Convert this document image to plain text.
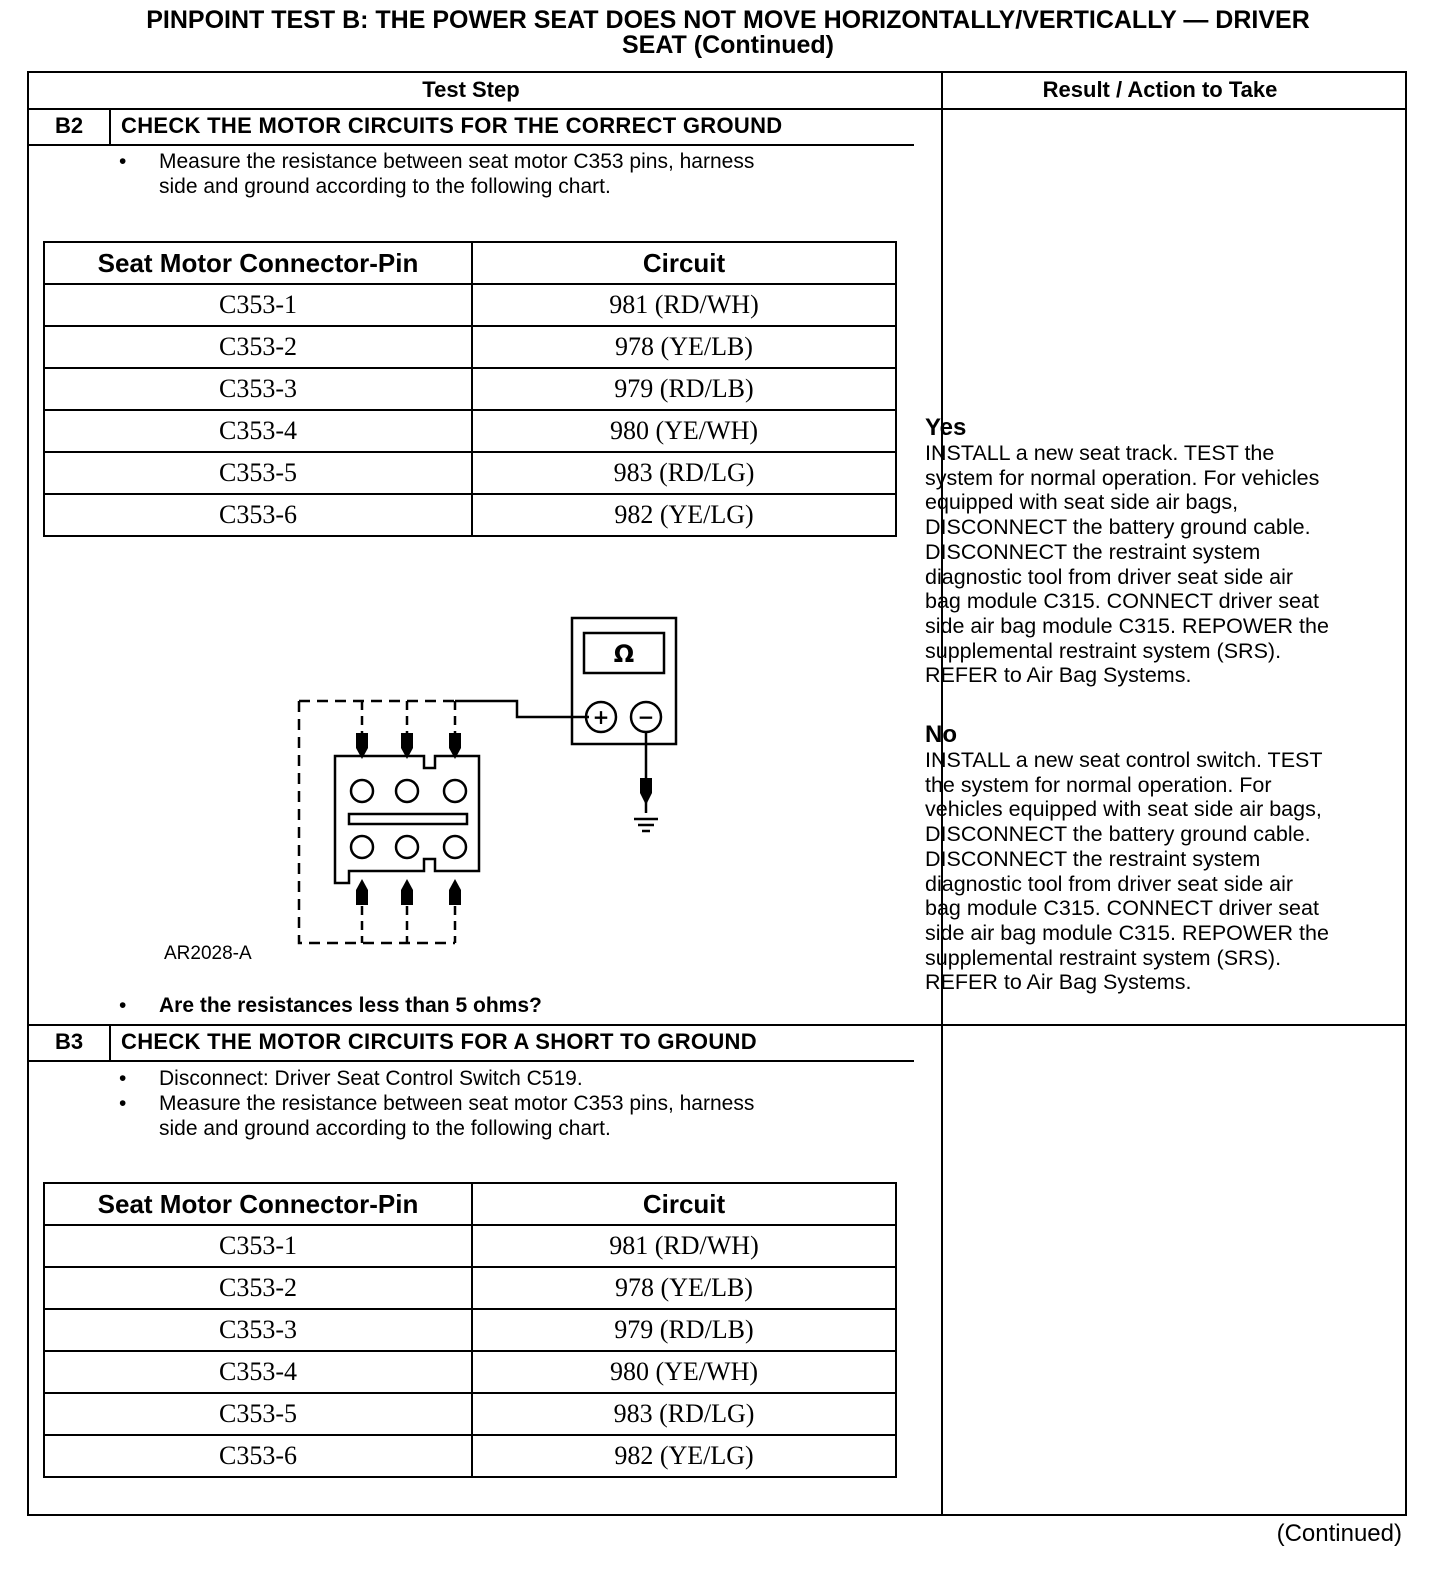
PINPOINT TEST B: THE POWER SEAT DOES NOT MOVE HORIZONTALLY/VERTICALLY — DRIVER
SEAT (Continued)
Test Step	Result / Action to Take
B2	CHECK THE MOTOR CIRCUITS FOR THE CORRECT GROUND
• Measure the resistance between seat motor C353 pins, harness
side and ground according to the following chart.
Seat Motor Connector-Pin	Circuit
C353-1	981 (RD/WH)
C353-2	978 (YE/LB)
C353-3	979 (RD/LB)
C353-4	980 (YE/WH)
C353-5	983 (RD/LG)
C353-6	982 (YE/LG)
Ω
+ −
AR2028-A
• Are the resistances less than 5 ohms?
Yes
INSTALL a new seat track. TEST the
system for normal operation. For vehicles
equipped with seat side air bags,
DISCONNECT the battery ground cable.
DISCONNECT the restraint system
diagnostic tool from driver seat side air
bag module C315. CONNECT driver seat
side air bag module C315. REPOWER the
supplemental restraint system (SRS).
REFER to Air Bag Systems.
No
INSTALL a new seat control switch. TEST
the system for normal operation. For
vehicles equipped with seat side air bags,
DISCONNECT the battery ground cable.
DISCONNECT the restraint system
diagnostic tool from driver seat side air
bag module C315. CONNECT driver seat
side air bag module C315. REPOWER the
supplemental restraint system (SRS).
REFER to Air Bag Systems.
B3	CHECK THE MOTOR CIRCUITS FOR A SHORT TO GROUND
• Disconnect: Driver Seat Control Switch C519.
• Measure the resistance between seat motor C353 pins, harness
side and ground according to the following chart.
Seat Motor Connector-Pin	Circuit
C353-1	981 (RD/WH)
C353-2	978 (YE/LB)
C353-3	979 (RD/LB)
C353-4	980 (YE/WH)
C353-5	983 (RD/LG)
C353-6	982 (YE/LG)
(Continued)
